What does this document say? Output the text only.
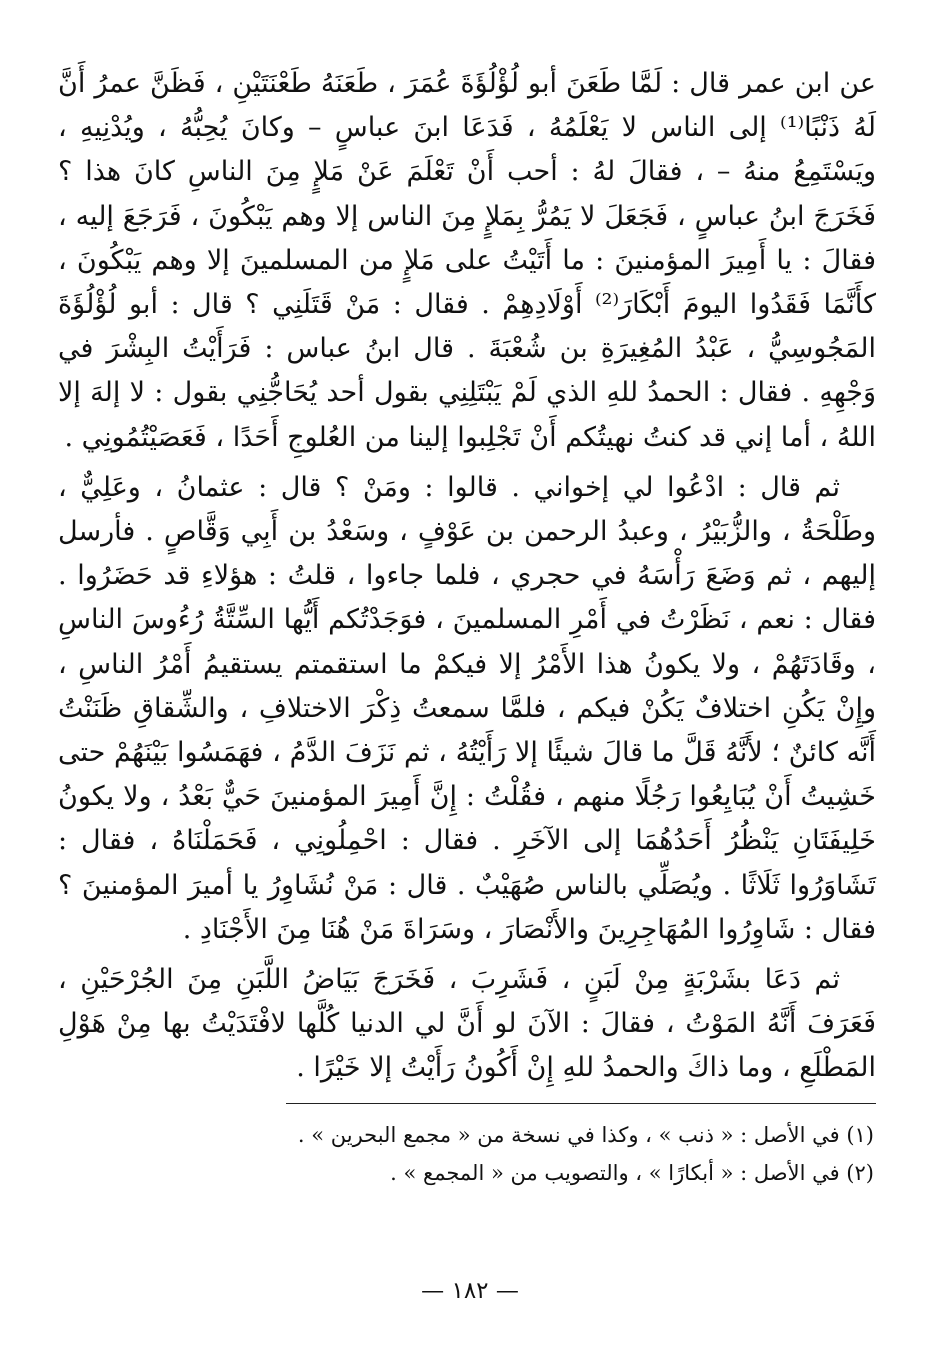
عن ابن عمر قال : لَمَّا طَعَنَ أبو لُؤْلُؤَةَ عُمَرَ ، طَعَنَهُ طَعْنَتَيْنِ ، فَظَنَّ عمرُ أَنَّ لَهُ ذَنْبًا⁽¹⁾ إلى الناس لا يَعْلَمُهُ ، فَدَعَا ابنَ عباسٍ – وكانَ يُحِبُّهُ ، ويُدْنِيهِ ، ويَسْتَمِعُ منهُ – ، فقالَ لهُ : أحب أَنْ تَعْلَمَ عَنْ مَلإٍ مِنَ الناسِ كانَ هذا ؟ فَخَرَجَ ابنُ عباسٍ ، فَجَعَلَ لا يَمُرُّ بِمَلإٍ مِنَ الناس إلا وهم يَبْكُونَ ، فَرَجَعَ إليه ، فقالَ : يا أَمِيرَ المؤمنينَ : ما أَتَيْتُ على مَلإٍ من المسلمينَ إلا وهم يَبْكُونَ ، كأَنَّمَا فَقَدُوا اليومَ أَبْكَارَ⁽²⁾ أَوْلَادِهِمْ . فقال : مَنْ قَتَلَنِي ؟ قال : أبو لُؤْلُؤَةَ المَجُوسِيُّ ، عَبْدُ المُغِيرَةِ بن شُعْبَةَ . قال ابنُ عباس : فَرَأَيْتُ البِشْرَ في وَجْهِهِ . فقال : الحمدُ للهِ الذي لَمْ يَبْتَلِنِي بقول أحد يُحَاجُّنِي بقول : لا إلهَ إلا اللهُ ، أما إني قد كنتُ نهيتُكم أَنْ تَجْلِبوا إلينا من العُلوجِ أَحَدًا ، فَعَصَيْتُمُونِي .

ثم قال : ادْعُوا لي إخواني . قالوا : ومَنْ ؟ قال : عثمانُ ، وعَلِيٌّ ، وطَلْحَةُ ، والزُّبَيْرُ ، وعبدُ الرحمن بن عَوْفٍ ، وسَعْدُ بن أَبِي وَقَّاصٍ . فأرسل إليهم ، ثم وَضَعَ رَأْسَهُ في حجري ، فلما جاءوا ، قلتُ : هؤلاءِ قد حَضَرُوا . فقال : نعم ، نَظَرْتُ في أَمْرِ المسلمينَ ، فوَجَدْتُكم أَيُّها السِّتَّةُ رُءُوسَ الناسِ ، وقَادَتَهُمْ ، ولا يكونُ هذا الأَمْرُ إلا فيكمْ ما استقمتم يستقيمُ أَمْرُ الناسِ ، وإِنْ يَكُنِ اختلافٌ يَكُنْ فيكم ، فلمَّا سمعتُ ذِكْرَ الاختلافِ ، والشِّقاقِ ظَنَنْتُ أَنَّه كائنٌ ؛ لأَنَّهُ قَلَّ ما قالَ شيئًا إلا رَأَيْتُهُ ، ثم نَزَفَ الدَّمُ ، فهَمَسُوا بَيْنَهُمْ حتى خَشِيتُ أَنْ يُبَايِعُوا رَجُلًا منهم ، فقُلْتُ : إِنَّ أَمِيرَ المؤمنينَ حَيٌّ بَعْدُ ، ولا يكونُ خَلِيفَتَانِ يَنْظُرُ أَحَدُهُمَا إلى الآخَرِ . فقال : احْمِلُونِي ، فَحَمَلْنَاهُ ، فقال : تَشَاوَرُوا ثَلَاثًا . ويُصَلِّي بالناس صُهَيْبٌ . قال : مَنْ نُشَاوِرُ يا أميرَ المؤمنينَ ؟ فقال : شَاوِرُوا المُهَاجِرِينَ والأَنْصَارَ ، وسَرَاةَ مَنْ هُنَا مِنَ الأَجْنَادِ .

ثم دَعَا بشَرْبَةٍ مِنْ لَبَنٍ ، فَشَرِبَ ، فَخَرَجَ بَيَاضُ اللَّبَنِ مِنَ الجُرْحَيْنِ ، فَعَرَفَ أَنَّهُ المَوْتُ ، فقالَ : الآنَ لو أَنَّ لي الدنيا كُلَّها لافْتَدَيْتُ بها مِنْ هَوْلِ المَطْلَعِ ، وما ذاكَ والحمدُ للهِ إِنْ أَكُونُ رَأَيْتُ إلا خَيْرًا .

(١) في الأصل : « ذنب » ، وكذا في نسخة من « مجمع البحرين » .

(٢) في الأصل : « أبكارًا » ، والتصويب من « المجمع » .

— ١٨٢ —
